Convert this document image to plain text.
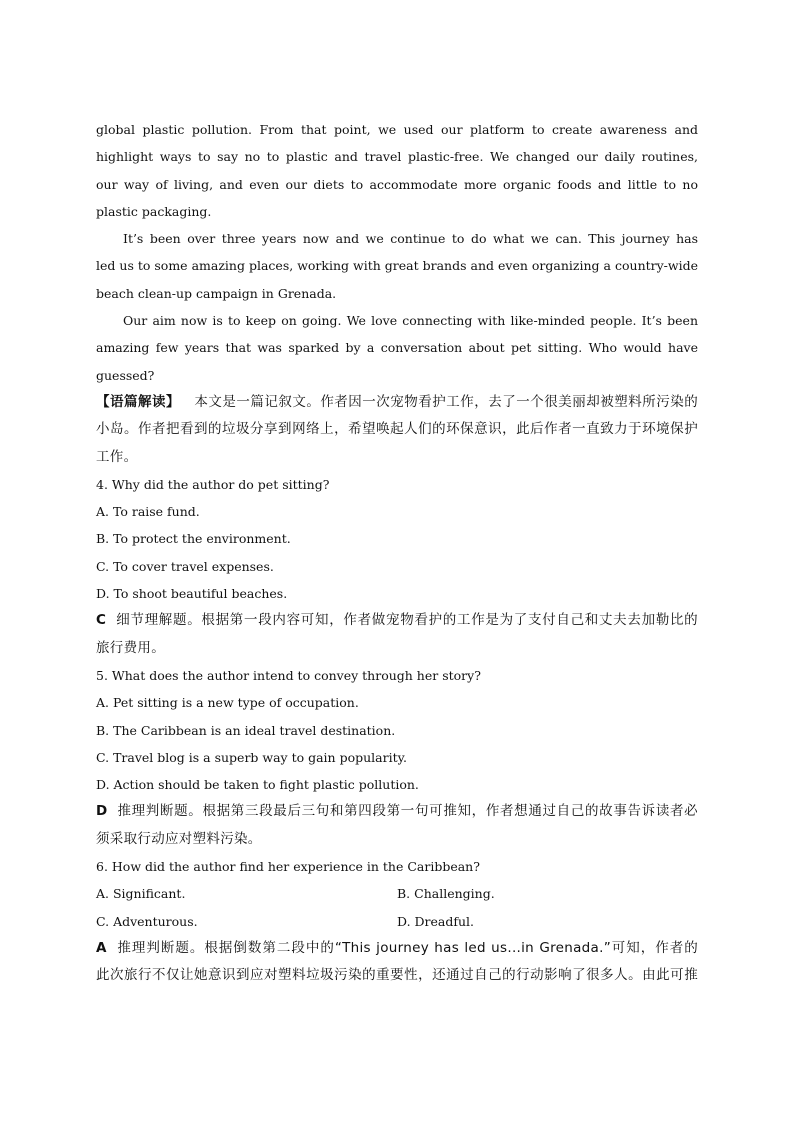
global plastic pollution. From that point, we used our platform to create awareness and
highlight ways to say no to plastic and travel plastic-free. We changed our daily routines,
our way of living, and even our diets to accommodate more organic foods and little to no
plastic packaging.
It’s been over three years now and we continue to do what we can. This journey has
led us to some amazing places, working with great brands and even organizing a country-wide
beach clean-up campaign in Grenada.
Our aim now is to keep on going. We love connecting with like-minded people. It’s been
amazing few years that was sparked by a conversation about pet sitting. Who would have
guessed?
【语篇解读】 本文是一篇记叙文。作者因一次宠物看护工作，去了一个很美丽却被塑料所污染的
小岛。作者把看到的垃圾分享到网络上，希望唤起人们的环保意识，此后作者一直致力于环境保护
工作。
4. Why did the author do pet sitting?
A. To raise fund.
B. To protect the environment.
C. To cover travel expenses.
D. To shoot beautiful beaches.
C 细节理解题。根据第一段内容可知，作者做宠物看护的工作是为了支付自己和丈夫去加勒比的
旅行费用。
5. What does the author intend to convey through her story?
A. Pet sitting is a new type of occupation.
B. The Caribbean is an ideal travel destination.
C. Travel blog is a superb way to gain popularity.
D. Action should be taken to fight plastic pollution.
D 推理判断题。根据第三段最后三句和第四段第一句可推知，作者想通过自己的故事告诉读者必
须采取行动应对塑料污染。
6. How did the author find her experience in the Caribbean?
A. Significant.	B. Challenging.
C. Adventurous.	D. Dreadful.
A 推理判断题。根据倒数第二段中的“This journey has led us...in Grenada.”可知，作者的
此次旅行不仅让她意识到应对塑料垃圾污染的重要性，还通过自己的行动影响了很多人。由此可推
